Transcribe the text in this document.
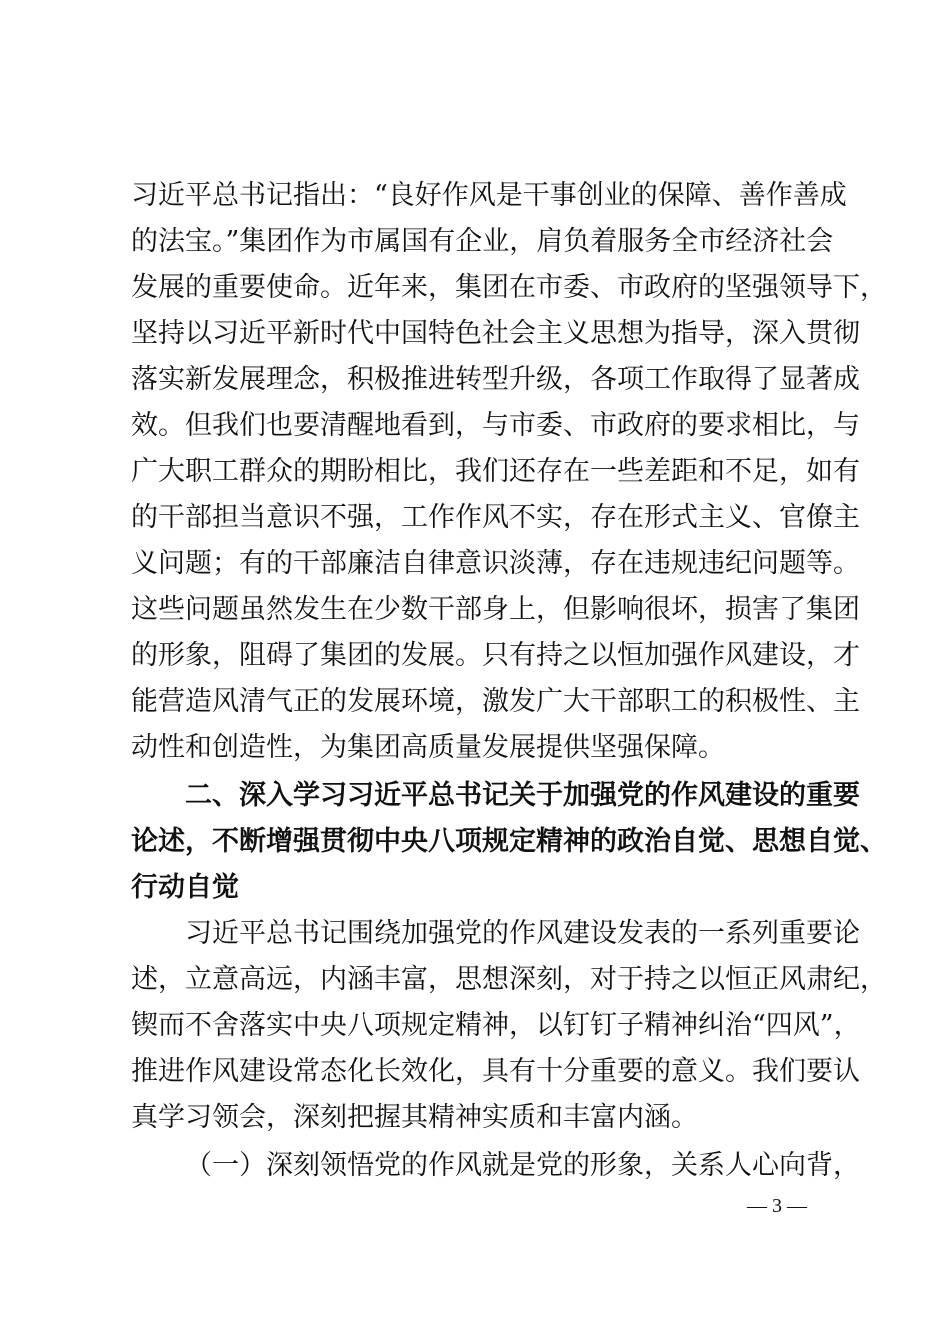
习近平总书记指出：“良好作风是干事创业的保障、善作善成
的法宝。”集团作为市属国有企业，肩负着服务全市经济社会
发展的重要使命。近年来，集团在市委、市政府的坚强领导下，
坚持以习近平新时代中国特色社会主义思想为指导，深入贯彻
落实新发展理念，积极推进转型升级，各项工作取得了显著成
效。但我们也要清醒地看到，与市委、市政府的要求相比，与
广大职工群众的期盼相比，我们还存在一些差距和不足，如有
的干部担当意识不强，工作作风不实，存在形式主义、官僚主
义问题；有的干部廉洁自律意识淡薄，存在违规违纪问题等。
这些问题虽然发生在少数干部身上，但影响很坏，损害了集团
的形象，阻碍了集团的发展。只有持之以恒加强作风建设，才
能营造风清气正的发展环境，激发广大干部职工的积极性、主
动性和创造性，为集团高质量发展提供坚强保障。
二、深入学习习近平总书记关于加强党的作风建设的重要
论述，不断增强贯彻中央八项规定精神的政治自觉、思想自觉、
行动自觉
习近平总书记围绕加强党的作风建设发表的一系列重要论
述，立意高远，内涵丰富，思想深刻，对于持之以恒正风肃纪，
锲而不舍落实中央八项规定精神，以钉钉子精神纠治“四风”，
推进作风建设常态化长效化，具有十分重要的意义。我们要认
真学习领会，深刻把握其精神实质和丰富内涵。
（一）深刻领悟党的作风就是党的形象，关系人心向背，
— 3 —
